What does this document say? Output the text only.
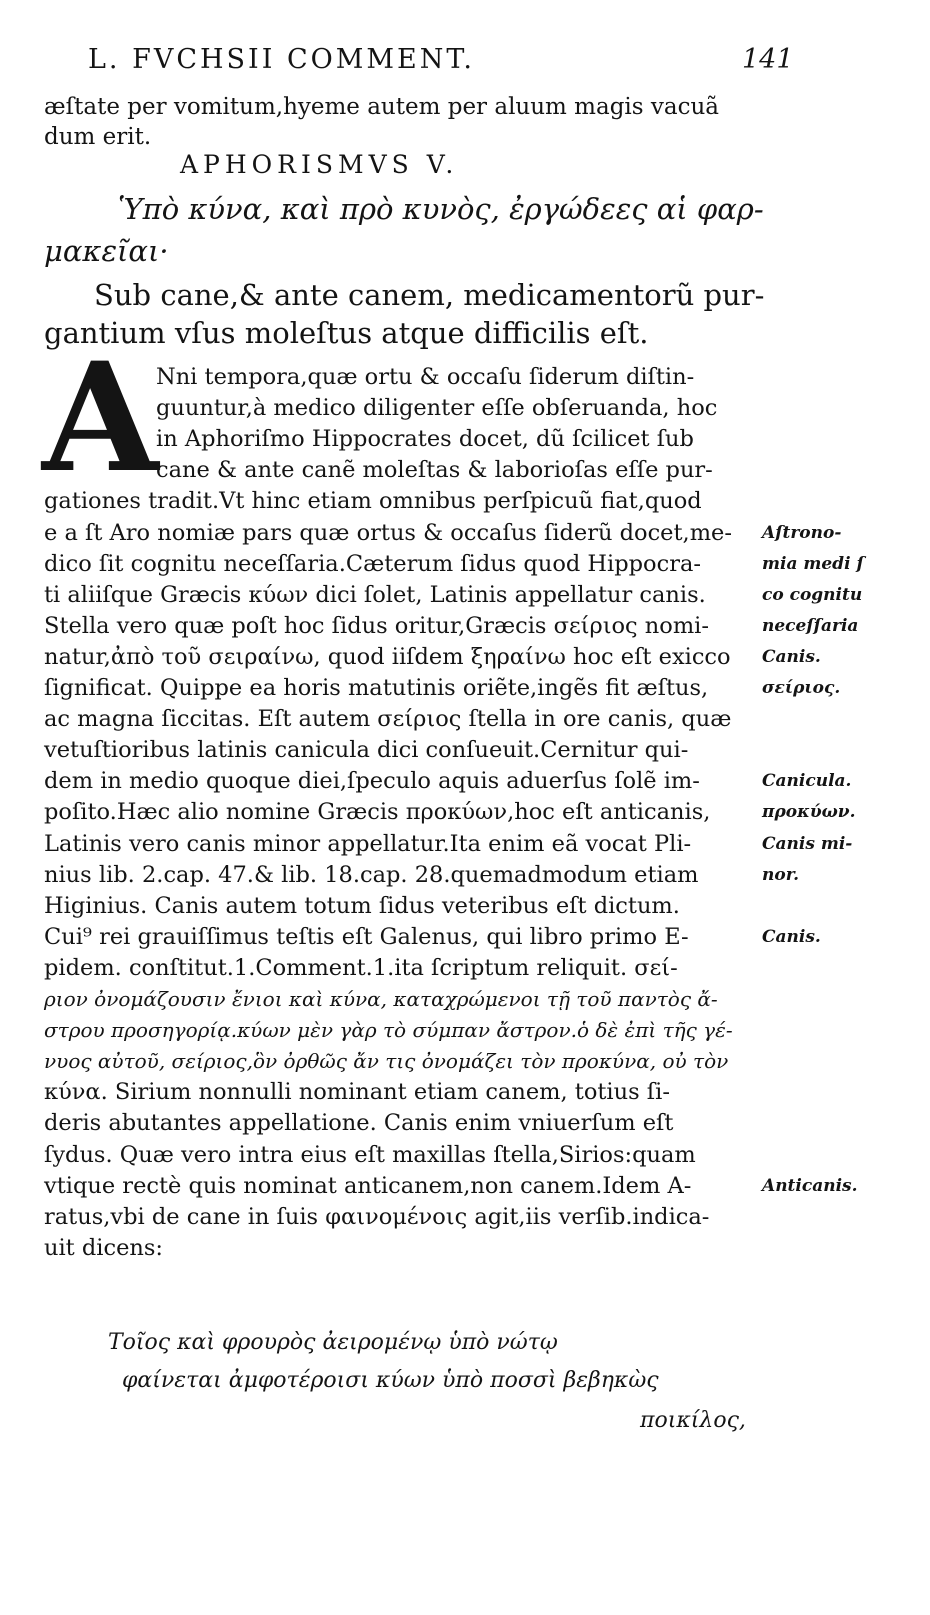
L. FVCHSII COMMENT.	141
æſtate per vomitum,hyeme autem per aluum magis vacuã
dum erit.
APHORISMVS V.
Ὑπὸ κύνα, καὶ πρὸ κυνὸς, ἐργώδεες αἱ φαρ-
μακεῖαι·
Sub cane,& ante canem, medicamentorũ pur-
gantium vſus moleſtus atque difficilis eſt.
A
Nni tempora,quæ ortu & occaſu ſiderum diſtin-
guuntur,à medico diligenter eſſe obſeruanda, hoc
in Aphoriſmo Hippocrates docet, dũ ſcilicet ſub
cane & ante canẽ moleſtas & laborioſas eſſe pur-
gationes tradit.Vt hinc etiam omnibus perſpicuũ fiat,quod
e a ſt Aro nomiæ pars quæ ortus & occaſus ſiderũ docet,me-
dico ſit cognitu neceſſaria.Cæterum ſidus quod Hippocra-
ti aliiſque Græcis κύων dici ſolet, Latinis appellatur canis.
Stella vero quæ poſt hoc ſidus oritur,Græcis σείριος nomi-
natur,ἀπὸ τοῦ σειραίνω, quod iiſdem ξηραίνω hoc eſt exicco
ſignificat. Quippe ea horis matutinis oriẽte,ingẽs fit æſtus,
ac magna ſiccitas. Eſt autem σείριος ſtella in ore canis, quæ
vetuſtioribus latinis canicula dici conſueuit.Cernitur qui-
dem in medio quoque diei,ſpeculo aquis aduerſus ſolẽ im-
poſito.Hæc alio nomine Græcis προκύων,hoc eſt anticanis,
Latinis vero canis minor appellatur.Ita enim eã vocat Pli-
nius lib. 2.cap. 47.& lib. 18.cap. 28.quemadmodum etiam
Higinius. Canis autem totum ſidus veteribus eſt dictum.
Cui⁹ rei grauiſſimus teſtis eſt Galenus, qui libro primo E-
pidem. conſtitut.1.Comment.1.ita ſcriptum reliquit. σεί-
ριον ὀνομάζουσιν ἔνιοι καὶ κύνα, καταχρώμενοι τῇ τοῦ παντὸς ἄ-
στρου προσηγορίᾳ.κύων μὲν γὰρ τὸ σύμπαν ἄστρον.ὁ δὲ ἐπὶ τῆς γέ-
νυος αὐτοῦ, σείριος,ὃν ὀρθῶς ἄν τις ὀνομάζει τὸν προκύνα, οὐ τὸν
κύνα. Sirium nonnulli nominant etiam canem, totius ſi-
deris abutantes appellatione. Canis enim vniuerſum eſt
ſydus. Quæ vero intra eius eſt maxillas ſtella,Sirios:quam
vtique rectè quis nominat anticanem,non canem.Idem A-
ratus,vbi de cane in ſuis φαινομένοις agit,iis verſib.indica-
uit dicens:
Aſtrono-
mia medi ſ
co cognitu
neceſſaria
Canis.
σείριος.
Canicula.
προκύων.
Canis mi-
nor.
Canis.
Anticanis.
Τοῖος καὶ φρουρὸς ἀειρομένῳ ὑπὸ νώτῳ
φαίνεται ἀμφοτέροισι κύων ὑπὸ ποσσὶ βεβηκὼς
ποικίλος,
